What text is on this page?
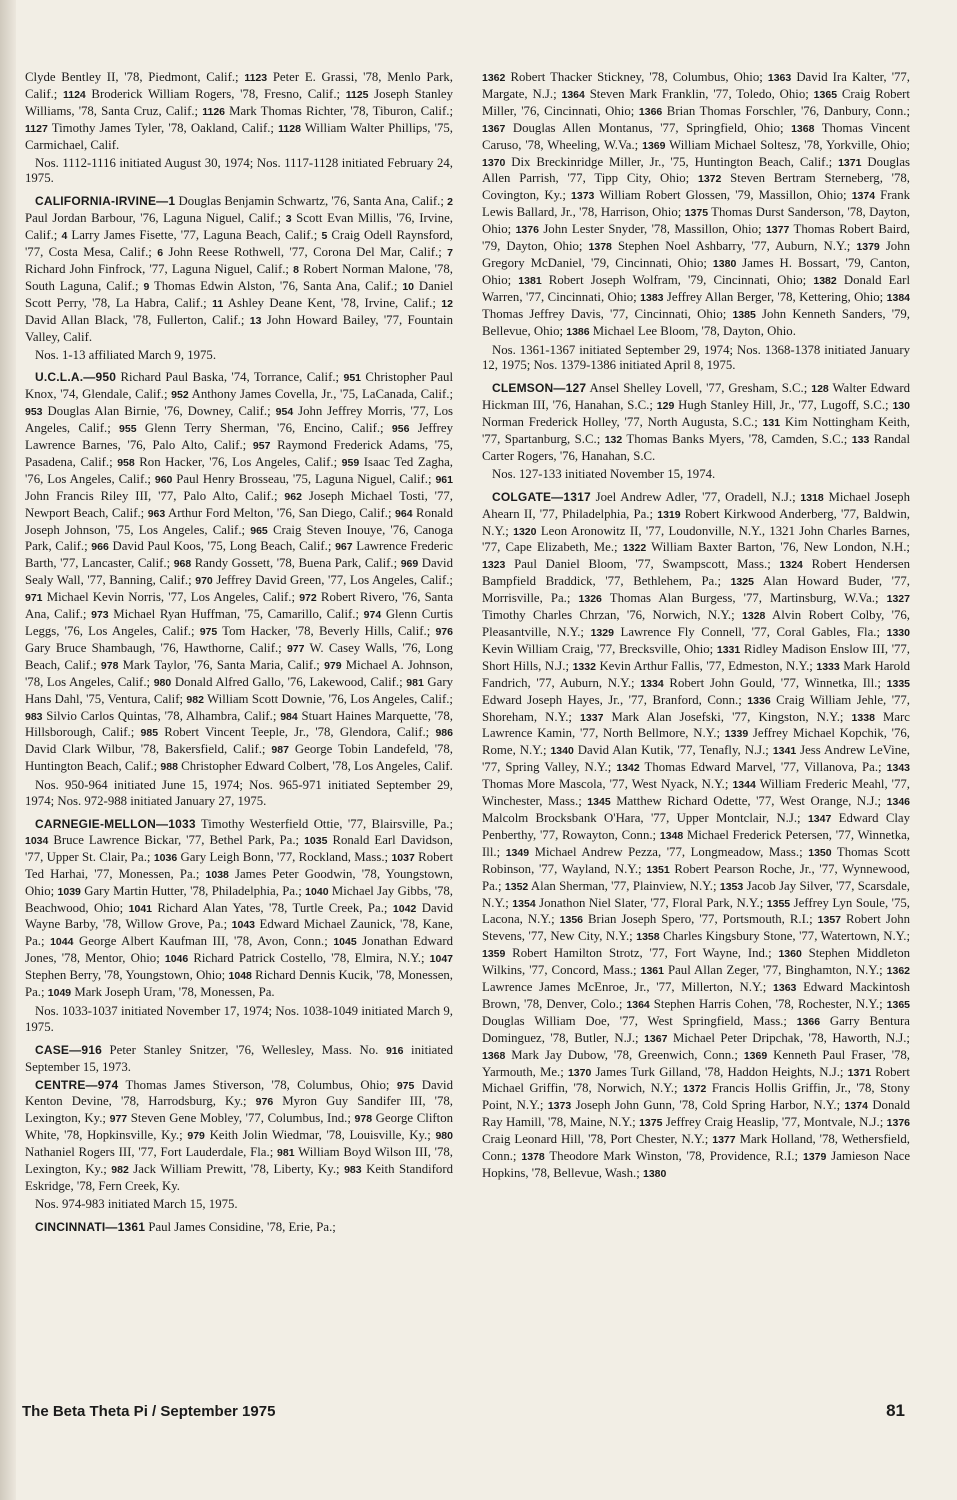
Clyde Bentley II, '78, Piedmont, Calif.; 1123 Peter E. Grassi, '78, Menlo Park, Calif.; 1124 Broderick William Rogers, '78, Fresno, Calif.; 1125 Joseph Stanley Williams, '78, Santa Cruz, Calif.; 1126 Mark Thomas Richter, '78, Tiburon, Calif.; 1127 Timothy James Tyler, '78, Oakland, Calif.; 1128 William Walter Phillips, '75, Carmichael, Calif.

Nos. 1112-1116 initiated August 30, 1974; Nos. 1117-1128 initiated February 24, 1975.

CALIFORNIA-IRVINE—1 Douglas Benjamin Schwartz, '76, Santa Ana, Calif.; 2 Paul Jordan Barbour, '76, Laguna Niguel, Calif.; 3 Scott Evan Millis, '76, Irvine, Calif.; 4 Larry James Fisette, '77, Laguna Beach, Calif.; 5 Craig Odell Raynsford, '77, Costa Mesa, Calif.; 6 John Reese Rothwell, '77, Corona Del Mar, Calif.; 7 Richard John Finfrock, '77, Laguna Niguel, Calif.; 8 Robert Norman Malone, '78, South Laguna, Calif.; 9 Thomas Edwin Alston, '76, Santa Ana, Calif.; 10 Daniel Scott Perry, '78, La Habra, Calif.; 11 Ashley Deane Kent, '78, Irvine, Calif.; 12 David Allan Black, '78, Fullerton, Calif.; 13 John Howard Bailey, '77, Fountain Valley, Calif.

Nos. 1-13 affiliated March 9, 1975.

U.C.L.A.—950 Richard Paul Baska, '74, Torrance, Calif.; 951 Christopher Paul Knox, '74, Glendale, Calif.; 952 Anthony James Covella, Jr., '75, LaCanada, Calif.; 953 Douglas Alan Birnie, '76, Downey, Calif.; 954 John Jeffrey Morris, '77, Los Angeles, Calif.; 955 Glenn Terry Sherman, '76, Encino, Calif.; 956 Jeffrey Lawrence Barnes, '76, Palo Alto, Calif.; 957 Raymond Frederick Adams, '75, Pasadena, Calif.; 958 Ron Hacker, '76, Los Angeles, Calif.; 959 Isaac Ted Zagha, '76, Los Angeles, Calif.; 960 Paul Henry Brosseau, '75, Laguna Niguel, Calif.; 961 John Francis Riley III, '77, Palo Alto, Calif.; 962 Joseph Michael Tosti, '77, Newport Beach, Calif.; 963 Arthur Ford Melton, '76, San Diego, Calif.; 964 Ronald Joseph Johnson, '75, Los Angeles, Calif.; 965 Craig Steven Inouye, '76, Canoga Park, Calif.; 966 David Paul Koos, '75, Long Beach, Calif.; 967 Lawrence Frederic Barth, '77, Lancaster, Calif.; 968 Randy Gossett, '78, Buena Park, Calif.; 969 David Sealy Wall, '77, Banning, Calif.; 970 Jeffrey David Green, '77, Los Angeles, Calif.; 971 Michael Kevin Norris, '77, Los Angeles, Calif.; 972 Robert Rivero, '76, Santa Ana, Calif.; 973 Michael Ryan Huffman, '75, Camarillo, Calif.; 974 Glenn Curtis Leggs, '76, Los Angeles, Calif.; 975 Tom Hacker, '78, Beverly Hills, Calif.; 976 Gary Bruce Shambaugh, '76, Hawthorne, Calif.; 977 W. Casey Walls, '76, Long Beach, Calif.; 978 Mark Taylor, '76, Santa Maria, Calif.; 979 Michael A. Johnson, '78, Los Angeles, Calif.; 980 Donald Alfred Gallo, '76, Lakewood, Calif.; 981 Gary Hans Dahl, '75, Ventura, Calif; 982 William Scott Downie, '76, Los Angeles, Calif.; 983 Silvio Carlos Quintas, '78, Alhambra, Calif.; 984 Stuart Haines Marquette, '78, Hillsborough, Calif.; 985 Robert Vincent Teeple, Jr., '78, Glendora, Calif.; 986 David Clark Wilbur, '78, Bakersfield, Calif.; 987 George Tobin Landefeld, '78, Huntington Beach, Calif.; 988 Christopher Edward Colbert, '78, Los Angeles, Calif.

Nos. 950-964 initiated June 15, 1974; Nos. 965-971 initiated September 29, 1974; Nos. 972-988 initiated January 27, 1975.

CARNEGIE-MELLON—1033 Timothy Westerfield Ottie, '77, Blairsville, Pa.; 1034 Bruce Lawrence Bickar, '77, Bethel Park, Pa.; 1035 Ronald Earl Davidson, '77, Upper St. Clair, Pa.; 1036 Gary Leigh Bonn, '77, Rockland, Mass.; 1037 Robert Ted Harhai, '77, Monessen, Pa.; 1038 James Peter Goodwin, '78, Youngstown, Ohio; 1039 Gary Martin Hutter, '78, Philadelphia, Pa.; 1040 Michael Jay Gibbs, '78, Beachwood, Ohio; 1041 Richard Alan Yates, '78, Turtle Creek, Pa.; 1042 David Wayne Barby, '78, Willow Grove, Pa.; 1043 Edward Michael Zaunick, '78, Kane, Pa.; 1044 George Albert Kaufman III, '78, Avon, Conn.; 1045 Jonathan Edward Jones, '78, Mentor, Ohio; 1046 Richard Patrick Costello, '78, Elmira, N.Y.; 1047 Stephen Berry, '78, Youngstown, Ohio; 1048 Richard Dennis Kucik, '78, Monessen, Pa.; 1049 Mark Joseph Uram, '78, Monessen, Pa.

Nos. 1033-1037 initiated November 17, 1974; Nos. 1038-1049 initiated March 9, 1975.

CASE—916 Peter Stanley Snitzer, '76, Wellesley, Mass. No. 916 initiated September 15, 1973.

CENTRE—974 Thomas James Stiverson, '78, Columbus, Ohio; 975 David Kenton Devine, '78, Harrodsburg, Ky.; 976 Myron Guy Sandifer III, '78, Lexington, Ky.; 977 Steven Gene Mobley, '77, Columbus, Ind.; 978 George Clifton White, '78, Hopkinsville, Ky.; 979 Keith Jolin Wiedmar, '78, Louisville, Ky.; 980 Nathaniel Rogers III, '77, Fort Lauderdale, Fla.; 981 William Boyd Wilson III, '78, Lexington, Ky.; 982 Jack William Prewitt, '78, Liberty, Ky.; 983 Keith Standiford Eskridge, '78, Fern Creek, Ky.

Nos. 974-983 initiated March 15, 1975.

CINCINNATI—1361 Paul James Considine, '78, Erie, Pa.;

1362 Robert Thacker Stickney, '78, Columbus, Ohio; 1363 David Ira Kalter, '77, Margate, N.J.; 1364 Steven Mark Franklin, '77, Toledo, Ohio; 1365 Craig Robert Miller, '76, Cincinnati, Ohio; 1366 Brian Thomas Forschler, '76, Danbury, Conn.; 1367 Douglas Allen Montanus, '77, Springfield, Ohio; 1368 Thomas Vincent Caruso, '78, Wheeling, W.Va.; 1369 William Michael Soltesz, '78, Yorkville, Ohio; 1370 Dix Breckinridge Miller, Jr., '75, Huntington Beach, Calif.; 1371 Douglas Allen Parrish, '77, Tipp City, Ohio; 1372 Steven Bertram Sterneberg, '78, Covington, Ky.; 1373 William Robert Glossen, '79, Massillon, Ohio; 1374 Frank Lewis Ballard, Jr., '78, Harrison, Ohio; 1375 Thomas Durst Sanderson, '78, Dayton, Ohio; 1376 John Lester Snyder, '78, Massillon, Ohio; 1377 Thomas Robert Baird, '79, Dayton, Ohio; 1378 Stephen Noel Ashbarry, '77, Auburn, N.Y.; 1379 John Gregory McDaniel, '79, Cincinnati, Ohio; 1380 James H. Bossart, '79, Canton, Ohio; 1381 Robert Joseph Wolfram, '79, Cincinnati, Ohio; 1382 Donald Earl Warren, '77, Cincinnati, Ohio; 1383 Jeffrey Allan Berger, '78, Kettering, Ohio; 1384 Thomas Jeffrey Davis, '77, Cincinnati, Ohio; 1385 John Kenneth Sanders, '79, Bellevue, Ohio; 1386 Michael Lee Bloom, '78, Dayton, Ohio.

Nos. 1361-1367 initiated September 29, 1974; Nos. 1368-1378 initiated January 12, 1975; Nos. 1379-1386 initiated April 8, 1975.

CLEMSON—127 Ansel Shelley Lovell, '77, Gresham, S.C.; 128 Walter Edward Hickman III, '76, Hanahan, S.C.; 129 Hugh Stanley Hill, Jr., '77, Lugoff, S.C.; 130 Norman Frederick Holley, '77, North Augusta, S.C.; 131 Kim Nottingham Keith, '77, Spartanburg, S.C.; 132 Thomas Banks Myers, '78, Camden, S.C.; 133 Randal Carter Rogers, '76, Hanahan, S.C.

Nos. 127-133 initiated November 15, 1974.

COLGATE—1317 Joel Andrew Adler, '77, Oradell, N.J.; 1318 Michael Joseph Ahearn II, '77, Philadelphia, Pa.; 1319 Robert Kirkwood Anderberg, '77, Baldwin, N.Y.; 1320 Leon Aronowitz II, '77, Loudonville, N.Y., 1321 John Charles Barnes, '77, Cape Elizabeth, Me.; 1322 William Baxter Barton, '76, New London, N.H.; 1323 Paul Daniel Bloom, '77, Swampscott, Mass.; 1324 Robert Hendersen Bampfield Braddick, '77, Bethlehem, Pa.; 1325 Alan Howard Buder, '77, Morrisville, Pa.; 1326 Thomas Alan Burgess, '77, Martinsburg, W.Va.; 1327 Timothy Charles Chrzan, '76, Norwich, N.Y.; 1328 Alvin Robert Colby, '76, Pleasantville, N.Y.; 1329 Lawrence Fly Connell, '77, Coral Gables, Fla.; 1330 Kevin William Craig, '77, Brecksville, Ohio; 1331 Ridley Madison Enslow III, '77, Short Hills, N.J.; 1332 Kevin Arthur Fallis, '77, Edmeston, N.Y.; 1333 Mark Harold Fandrich, '77, Auburn, N.Y.; 1334 Robert John Gould, '77, Winnetka, Ill.; 1335 Edward Joseph Hayes, Jr., '77, Branford, Conn.; 1336 Craig William Jehle, '77, Shoreham, N.Y.; 1337 Mark Alan Josefski, '77, Kingston, N.Y.; 1338 Marc Lawrence Kamin, '77, North Bellmore, N.Y.; 1339 Jeffrey Michael Kopchik, '76, Rome, N.Y.; 1340 David Alan Kutik, '77, Tenafly, N.J.; 1341 Jess Andrew LeVine, '77, Spring Valley, N.Y.; 1342 Thomas Edward Marvel, '77, Villanova, Pa.; 1343 Thomas More Mascola, '77, West Nyack, N.Y.; 1344 William Frederic Meahl, '77, Winchester, Mass.; 1345 Matthew Richard Odette, '77, West Orange, N.J.; 1346 Malcolm Brocksbank O'Hara, '77, Upper Montclair, N.J.; 1347 Edward Clay Penberthy, '77, Rowayton, Conn.; 1348 Michael Frederick Petersen, '77, Winnetka, Ill.; 1349 Michael Andrew Pezza, '77, Longmeadow, Mass.; 1350 Thomas Scott Robinson, '77, Wayland, N.Y.; 1351 Robert Pearson Roche, Jr., '77, Wynnewood, Pa.; 1352 Alan Sherman, '77, Plainview, N.Y.; 1353 Jacob Jay Silver, '77, Scarsdale, N.Y.; 1354 Jonathon Niel Slater, '77, Floral Park, N.Y.; 1355 Jeffrey Lyn Soule, '75, Lacona, N.Y.; 1356 Brian Joseph Spero, '77, Portsmouth, R.I.; 1357 Robert John Stevens, '77, New City, N.Y.; 1358 Charles Kingsbury Stone, '77, Watertown, N.Y.; 1359 Robert Hamilton Strotz, '77, Fort Wayne, Ind.; 1360 Stephen Middleton Wilkins, '77, Concord, Mass.; 1361 Paul Allan Zeger, '77, Binghamton, N.Y.; 1362 Lawrence James McEnroe, Jr., '77, Millerton, N.Y.; 1363 Edward Mackintosh Brown, '78, Denver, Colo.; 1364 Stephen Harris Cohen, '78, Rochester, N.Y.; 1365 Douglas William Doe, '77, West Springfield, Mass.; 1366 Garry Bentura Dominguez, '78, Butler, N.J.; 1367 Michael Peter Dripchak, '78, Haworth, N.J.; 1368 Mark Jay Dubow, '78, Greenwich, Conn.; 1369 Kenneth Paul Fraser, '78, Yarmouth, Me.; 1370 James Turk Gilland, '78, Haddon Heights, N.J.; 1371 Robert Michael Griffin, '78, Norwich, N.Y.; 1372 Francis Hollis Griffin, Jr., '78, Stony Point, N.Y.; 1373 Joseph John Gunn, '78, Cold Spring Harbor, N.Y.; 1374 Donald Ray Hamill, '78, Maine, N.Y.; 1375 Jeffrey Craig Heaslip, '77, Montvale, N.J.; 1376 Craig Leonard Hill, '78, Port Chester, N.Y.; 1377 Mark Holland, '78, Wethersfield, Conn.; 1378 Theodore Mark Winston, '78, Providence, R.I.; 1379 Jamieson Nace Hopkins, '78, Bellevue, Wash.; 1380

The Beta Theta Pi / September 1975	81
